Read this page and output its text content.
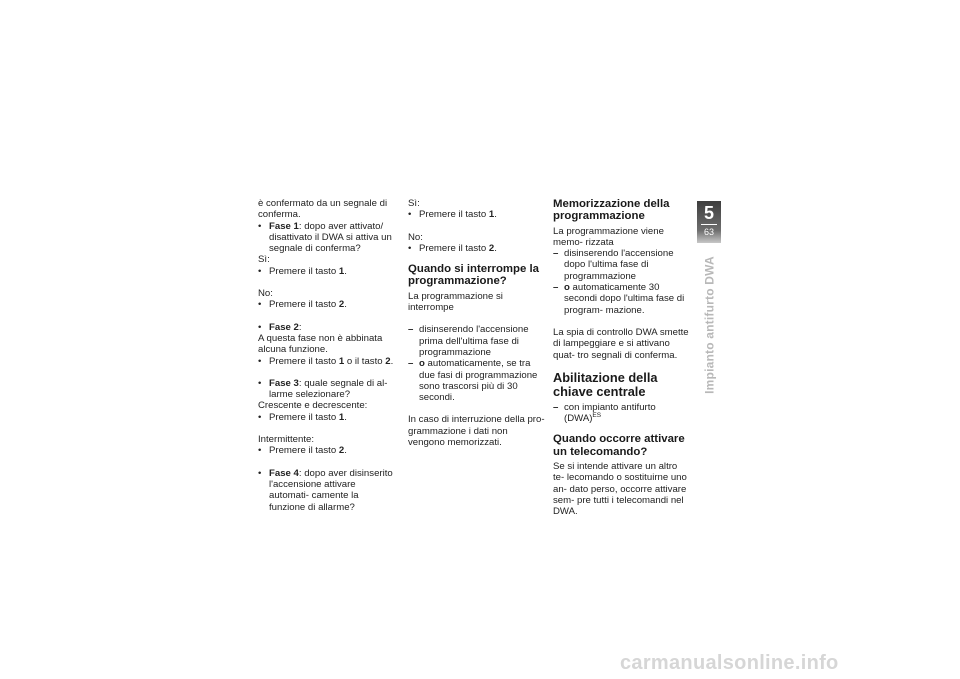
è confermato da un segnale di conferma.

• Fase 1: dopo aver attivato/ disattivato il DWA si attiva un segnale di conferma?

Sì:

• Premere il tasto 1.

No:

• Premere il tasto 2.

• Fase 2:

A questa fase non è abbinata alcuna funzione.

• Premere il tasto 1 o il tasto 2.

• Fase 3: quale segnale di al- larme selezionare?

Crescente e decrescente:

• Premere il tasto 1.

Intermittente:

• Premere il tasto 2.

• Fase 4: dopo aver disinserito l'accensione attivare automati- camente la funzione di allarme?

Sì:

• Premere il tasto 1.

No:

• Premere il tasto 2.

Quando si interrompe la programmazione?

La programmazione si interrompe

– disinserendo l'accensione prima dell'ultima fase di programmazione

– o automaticamente, se tra due fasi di programmazione sono trascorsi più di 30 secondi.

In caso di interruzione della pro- grammazione i dati non vengono memorizzati.

Memorizzazione della programmazione

La programmazione viene memo- rizzata

– disinserendo l'accensione dopo l'ultima fase di programmazione

– o automaticamente 30 secondi dopo l'ultima fase di program- mazione.

La spia di controllo DWA smette di lampeggiare e si attivano quat- tro segnali di conferma.

Abilitazione della chiave centrale

– con impianto antifurto (DWA)$^{ES}$

Quando occorre attivare un telecomando?

Se si intende attivare un altro te- lecomando o sostituirne uno an- dato perso, occorre attivare sem- pre tutti i telecomandi nel DWA.

5
63
Impianto antifurto DWA
carmanualsonline.info
